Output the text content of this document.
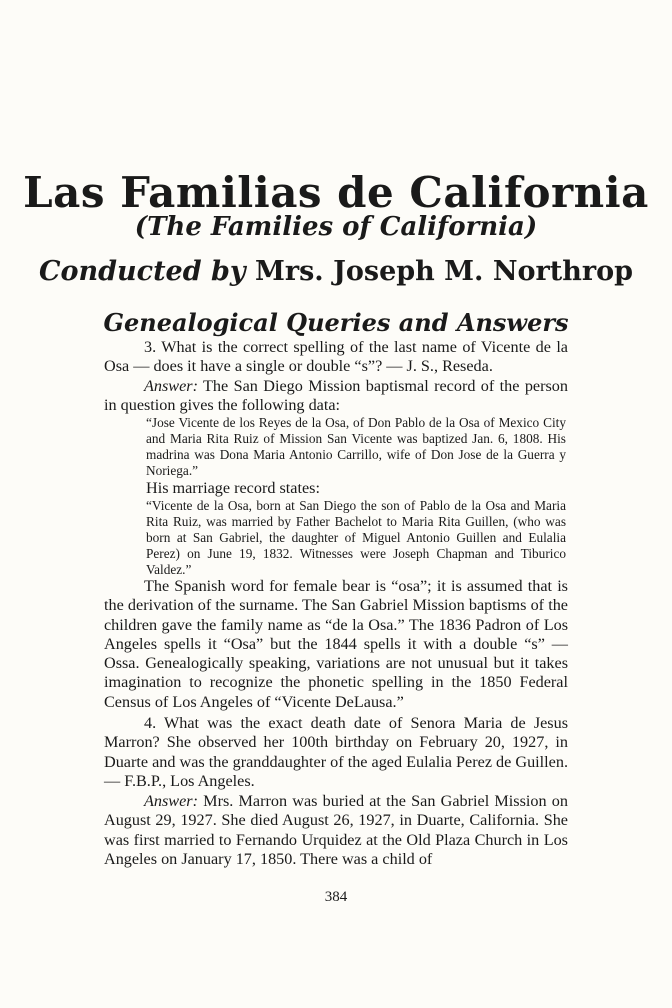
Las Familias de California
(The Families of California)
Conducted by Mrs. Joseph M. Northrop
Genealogical Queries and Answers

3. What is the correct spelling of the last name of Vicente de la Osa — does it have a single or double “s”? — J. S., Reseda.

Answer: The San Diego Mission baptismal record of the person in question gives the following data:

“Jose Vicente de los Reyes de la Osa, of Don Pablo de la Osa of Mexico City and Maria Rita Ruiz of Mission San Vicente was baptized Jan. 6, 1808. His madrina was Dona Maria Antonio Carrillo, wife of Don Jose de la Guerra y Noriega.”

His marriage record states:

“Vicente de la Osa, born at San Diego the son of Pablo de la Osa and Maria Rita Ruiz, was married by Father Bachelot to Maria Rita Guillen, (who was born at San Gabriel, the daughter of Miguel Antonio Guillen and Eulalia Perez) on June 19, 1832. Witnesses were Joseph Chapman and Tiburico Valdez.”

The Spanish word for female bear is “osa”; it is assumed that is the derivation of the surname. The San Gabriel Mission baptisms of the children gave the family name as “de la Osa.” The 1836 Padron of Los Angeles spells it “Osa” but the 1844 spells it with a double “s” — Ossa. Genealogically speaking, variations are not unusual but it takes imagination to recognize the phonetic spelling in the 1850 Federal Census of Los Angeles of “Vicente DeLausa.”

4. What was the exact death date of Senora Maria de Jesus Marron? She observed her 100th birthday on February 20, 1927, in Duarte and was the granddaughter of the aged Eulalia Perez de Guillen. — F.B.P., Los Angeles.

Answer: Mrs. Marron was buried at the San Gabriel Mission on August 29, 1927. She died August 26, 1927, in Duarte, California. She was first married to Fernando Urquidez at the Old Plaza Church in Los Angeles on January 17, 1850. There was a child of

384
